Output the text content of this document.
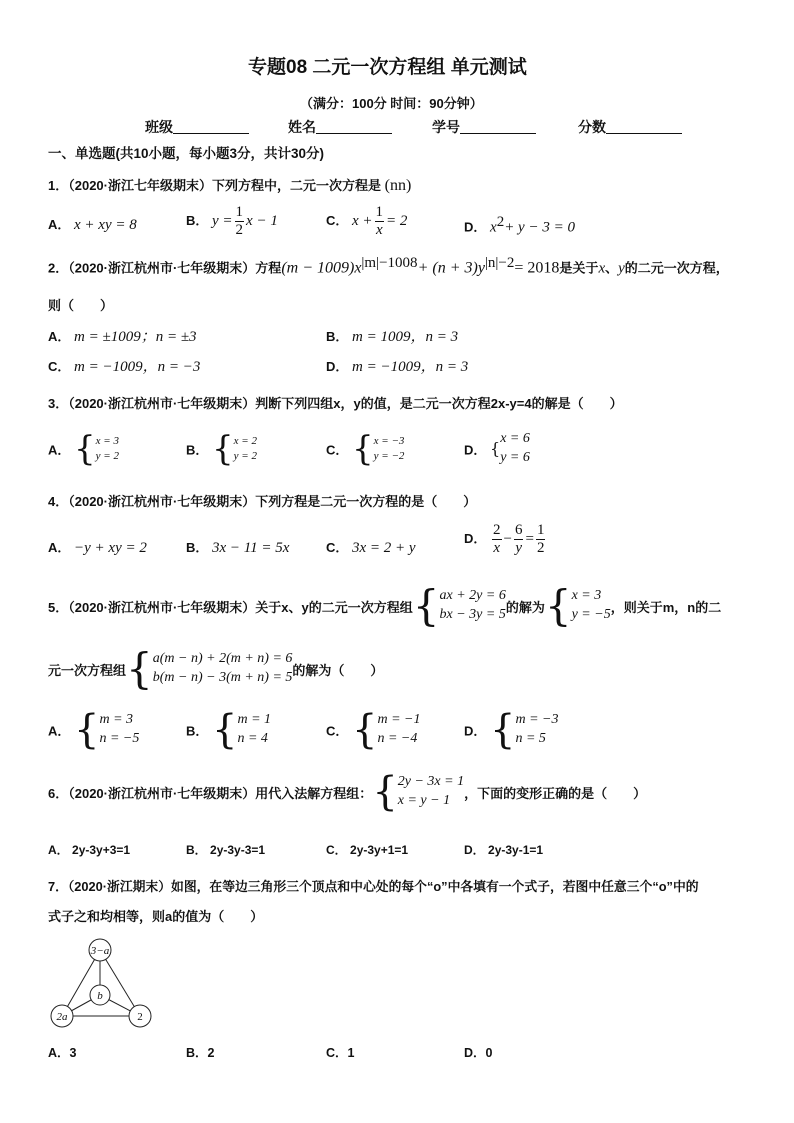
专题08 二元一次方程组 单元测试
（满分：100分 时间：90分钟）
班级	姓名	学号	分数
一、单选题(共10小题，每小题3分，共计30分)
1．（2020·浙江七年级期末）下列方程中，二元一次方程是 (nn)
A． x + xy = 8	B． $y = \frac{1}{2}$ x − 1	C． $x + \frac{1}{x} = 2$	D． $x^2+ y - 3 = 0$
2．（2020·浙江杭州市·七年级期末）方程$(m - 1009)x^{|m|-1008}+ (n + 3)y^{|n|-2}= 2018$是关于x、y的二元一次方程，
则（　　）
A． m = ±1009；n = ±3	B． m = 1009，n = 3
C． m = −1009，n = −3	D． m = −1009，n = 3
3．（2020·浙江杭州市·七年级期末）判断下列四组x，y的值，是二元一次方程2x-y=4的解是（　　）
A． { x = 3
y = 2	B． { x = 2
y = 2	C． { x = −3
y = −2	D． {
x = 6
y = 6
4．（2020·浙江杭州市·七年级期末）下列方程是二元一次方程的是（　　）
A． −y + xy = 2	B． 3x − 11 = 5x	C． 3x = 2 + y
D． $\frac{2}{x} - \frac{6}{y} = \frac{1}{2}$
5．（2020·浙江杭州市·七年级期末）关于x、y的二元一次方程组 { ax + 2y = 6
bx − 3y = 5 的解为 { x = 3
y = −5 ，则关于m，n的二
元一次方程组 { a(m − n) + 2(m + n) = 6
b(m − n) − 3(m + n) = 5 的解为（　　）
A． { m = 3
n = −5	B． { m = 1
n = 4	C． { m = −1
n = −4	D． { m = −3
n = 5
6．（2020·浙江杭州市·七年级期末）用代入法解方程组： { 2y − 3x = 1
x = y − 1	，下面的变形正确的是（　　）
A． 2y-3y+3=1	B． 2y-3y-3=1	C． 2y-3y+1=1	D． 2y-3y-1=1
7．（2020·浙江期末）如图，在等边三角形三个顶点和中心处的每个“o”中各填有一个式子，若图中任意三个“o”中的
式子之和均相等，则a的值为（　　）
3−a
b
2a	2
A．3	B．2	C．1	D．0
